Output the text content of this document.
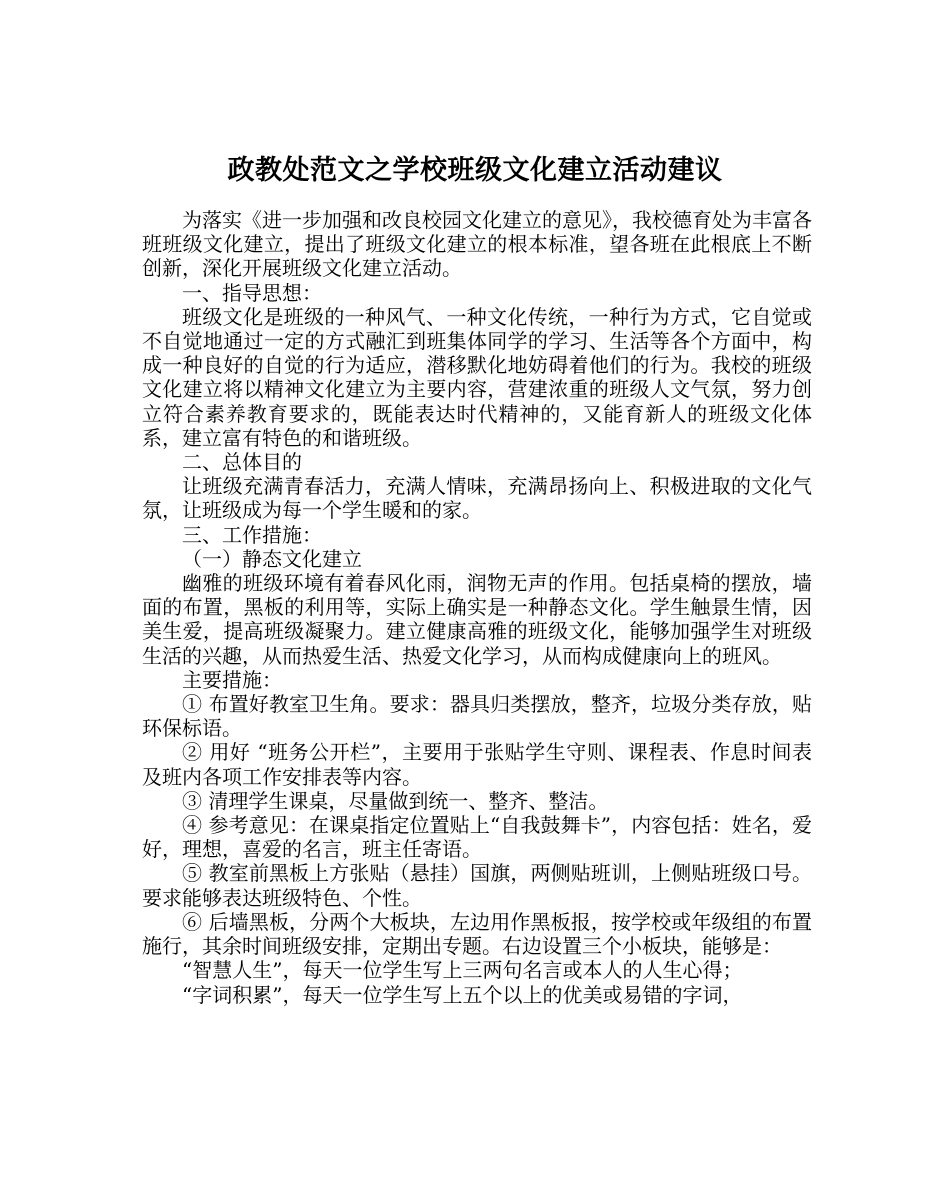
政教处范文之学校班级文化建立活动建议

为落实《进一步加强和改良校园文化建立的意见》，我校德育处为丰富各班班级文化建立，提出了班级文化建立的根本标准，望各班在此根底上不断创新，深化开展班级文化建立活动。

一、指导思想：

班级文化是班级的一种风气、一种文化传统，一种行为方式，它自觉或不自觉地通过一定的方式融汇到班集体同学的学习、生活等各个方面中，构成一种良好的自觉的行为适应，潜移默化地妨碍着他们的行为。我校的班级文化建立将以精神文化建立为主要内容，营建浓重的班级人文气氛，努力创立符合素养教育要求的，既能表达时代精神的，又能育新人的班级文化体系，建立富有特色的和谐班级。

二、总体目的

让班级充满青春活力，充满人情味，充满昂扬向上、积极进取的文化气氛，让班级成为每一个学生暖和的家。

三、工作措施：

（一）静态文化建立

幽雅的班级环境有着春风化雨，润物无声的作用。包括桌椅的摆放，墙面的布置，黑板的利用等，实际上确实是一种静态文化。学生触景生情，因美生爱，提高班级凝聚力。建立健康高雅的班级文化，能够加强学生对班级生活的兴趣，从而热爱生活、热爱文化学习，从而构成健康向上的班风。

主要措施：

① 布置好教室卫生角。要求：器具归类摆放，整齐，垃圾分类存放，贴环保标语。

② 用好 “班务公开栏”，主要用于张贴学生守则、课程表、作息时间表及班内各项工作安排表等内容。

③ 清理学生课桌，尽量做到统一、整齐、整洁。

④ 参考意见：在课桌指定位置贴上“自我鼓舞卡”，内容包括：姓名，爱好，理想，喜爱的名言，班主任寄语。

⑤ 教室前黑板上方张贴（悬挂）国旗，两侧贴班训，上侧贴班级口号。要求能够表达班级特色、个性。

⑥ 后墙黑板，分两个大板块，左边用作黑板报，按学校或年级组的布置施行，其余时间班级安排，定期出专题。右边设置三个小板块，能够是：

“智慧人生”，每天一位学生写上三两句名言或本人的人生心得；

“字词积累”，每天一位学生写上五个以上的优美或易错的字词，
